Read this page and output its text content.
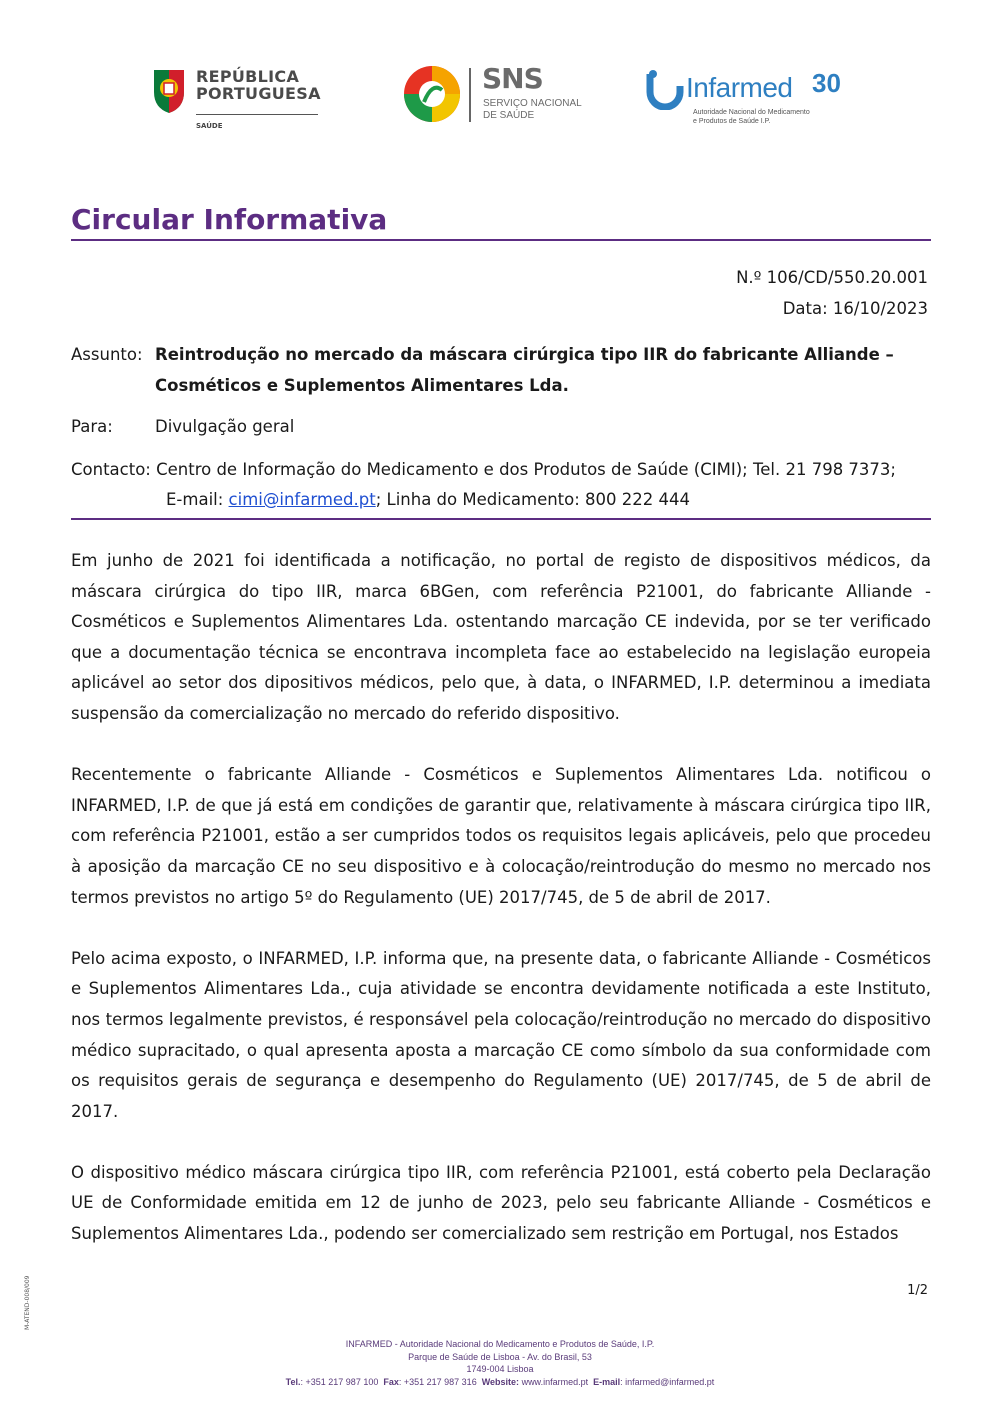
REPÚBLICA
PORTUGUESA
SAÚDE
SNS
SERVIÇO NACIONAL
DE SAÚDE
Infarmed 30
Autoridade Nacional do Medicamento
e Produtos de Saúde I.P.
Circular Informativa
N.º 106/CD/550.20.001
Data: 16/10/2023
Assunto: Reintrodução no mercado da máscara cirúrgica tipo IIR do fabricante Alliande – Cosméticos e Suplementos Alimentares Lda.
Para:	Divulgação geral
Contacto: Centro de Informação do Medicamento e dos Produtos de Saúde (CIMI); Tel. 21 798 7373;
E-mail: cimi@infarmed.pt; Linha do Medicamento: 800 222 444

Em junho de 2021 foi identificada a notificação, no portal de registo de dispositivos médicos, da máscara cirúrgica do tipo IIR, marca 6BGen, com referência P21001, do fabricante Alliande - Cosméticos e Suplementos Alimentares Lda. ostentando marcação CE indevida, por se ter verificado que a documentação técnica se encontrava incompleta face ao estabelecido na legislação europeia aplicável ao setor dos dipositivos médicos, pelo que, à data, o INFARMED, I.P. determinou a imediata suspensão da comercialização no mercado do referido dispositivo.

Recentemente o fabricante Alliande - Cosméticos e Suplementos Alimentares Lda. notificou o INFARMED, I.P. de que já está em condições de garantir que, relativamente à máscara cirúrgica tipo IIR, com referência P21001, estão a ser cumpridos todos os requisitos legais aplicáveis, pelo que procedeu à aposição da marcação CE no seu dispositivo e à colocação/reintrodução do mesmo no mercado nos termos previstos no artigo 5º do Regulamento (UE) 2017/745, de 5 de abril de 2017.

Pelo acima exposto, o INFARMED, I.P. informa que, na presente data, o fabricante Alliande - Cosméticos e Suplementos Alimentares Lda., cuja atividade se encontra devidamente notificada a este Instituto, nos termos legalmente previstos, é responsável pela colocação/reintrodução no mercado do dispositivo médico supracitado, o qual apresenta aposta a marcação CE como símbolo da sua conformidade com os requisitos gerais de segurança e desempenho do Regulamento (UE) 2017/745, de 5 de abril de 2017.

O dispositivo médico máscara cirúrgica tipo IIR, com referência P21001, está coberto pela Declaração UE de Conformidade emitida em 12 de junho de 2023, pelo seu fabricante Alliande - Cosméticos e Suplementos Alimentares Lda., podendo ser comercializado sem restrição em Portugal, nos Estados

1/2
M-ATEND-008/009
INFARMED - Autoridade Nacional do Medicamento e Produtos de Saúde, I.P.
Parque de Saúde de Lisboa - Av. do Brasil, 53
1749-004 Lisboa
Tel.: +351 217 987 100 Fax: +351 217 987 316 Website: www.infarmed.pt E-mail: infarmed@infarmed.pt
